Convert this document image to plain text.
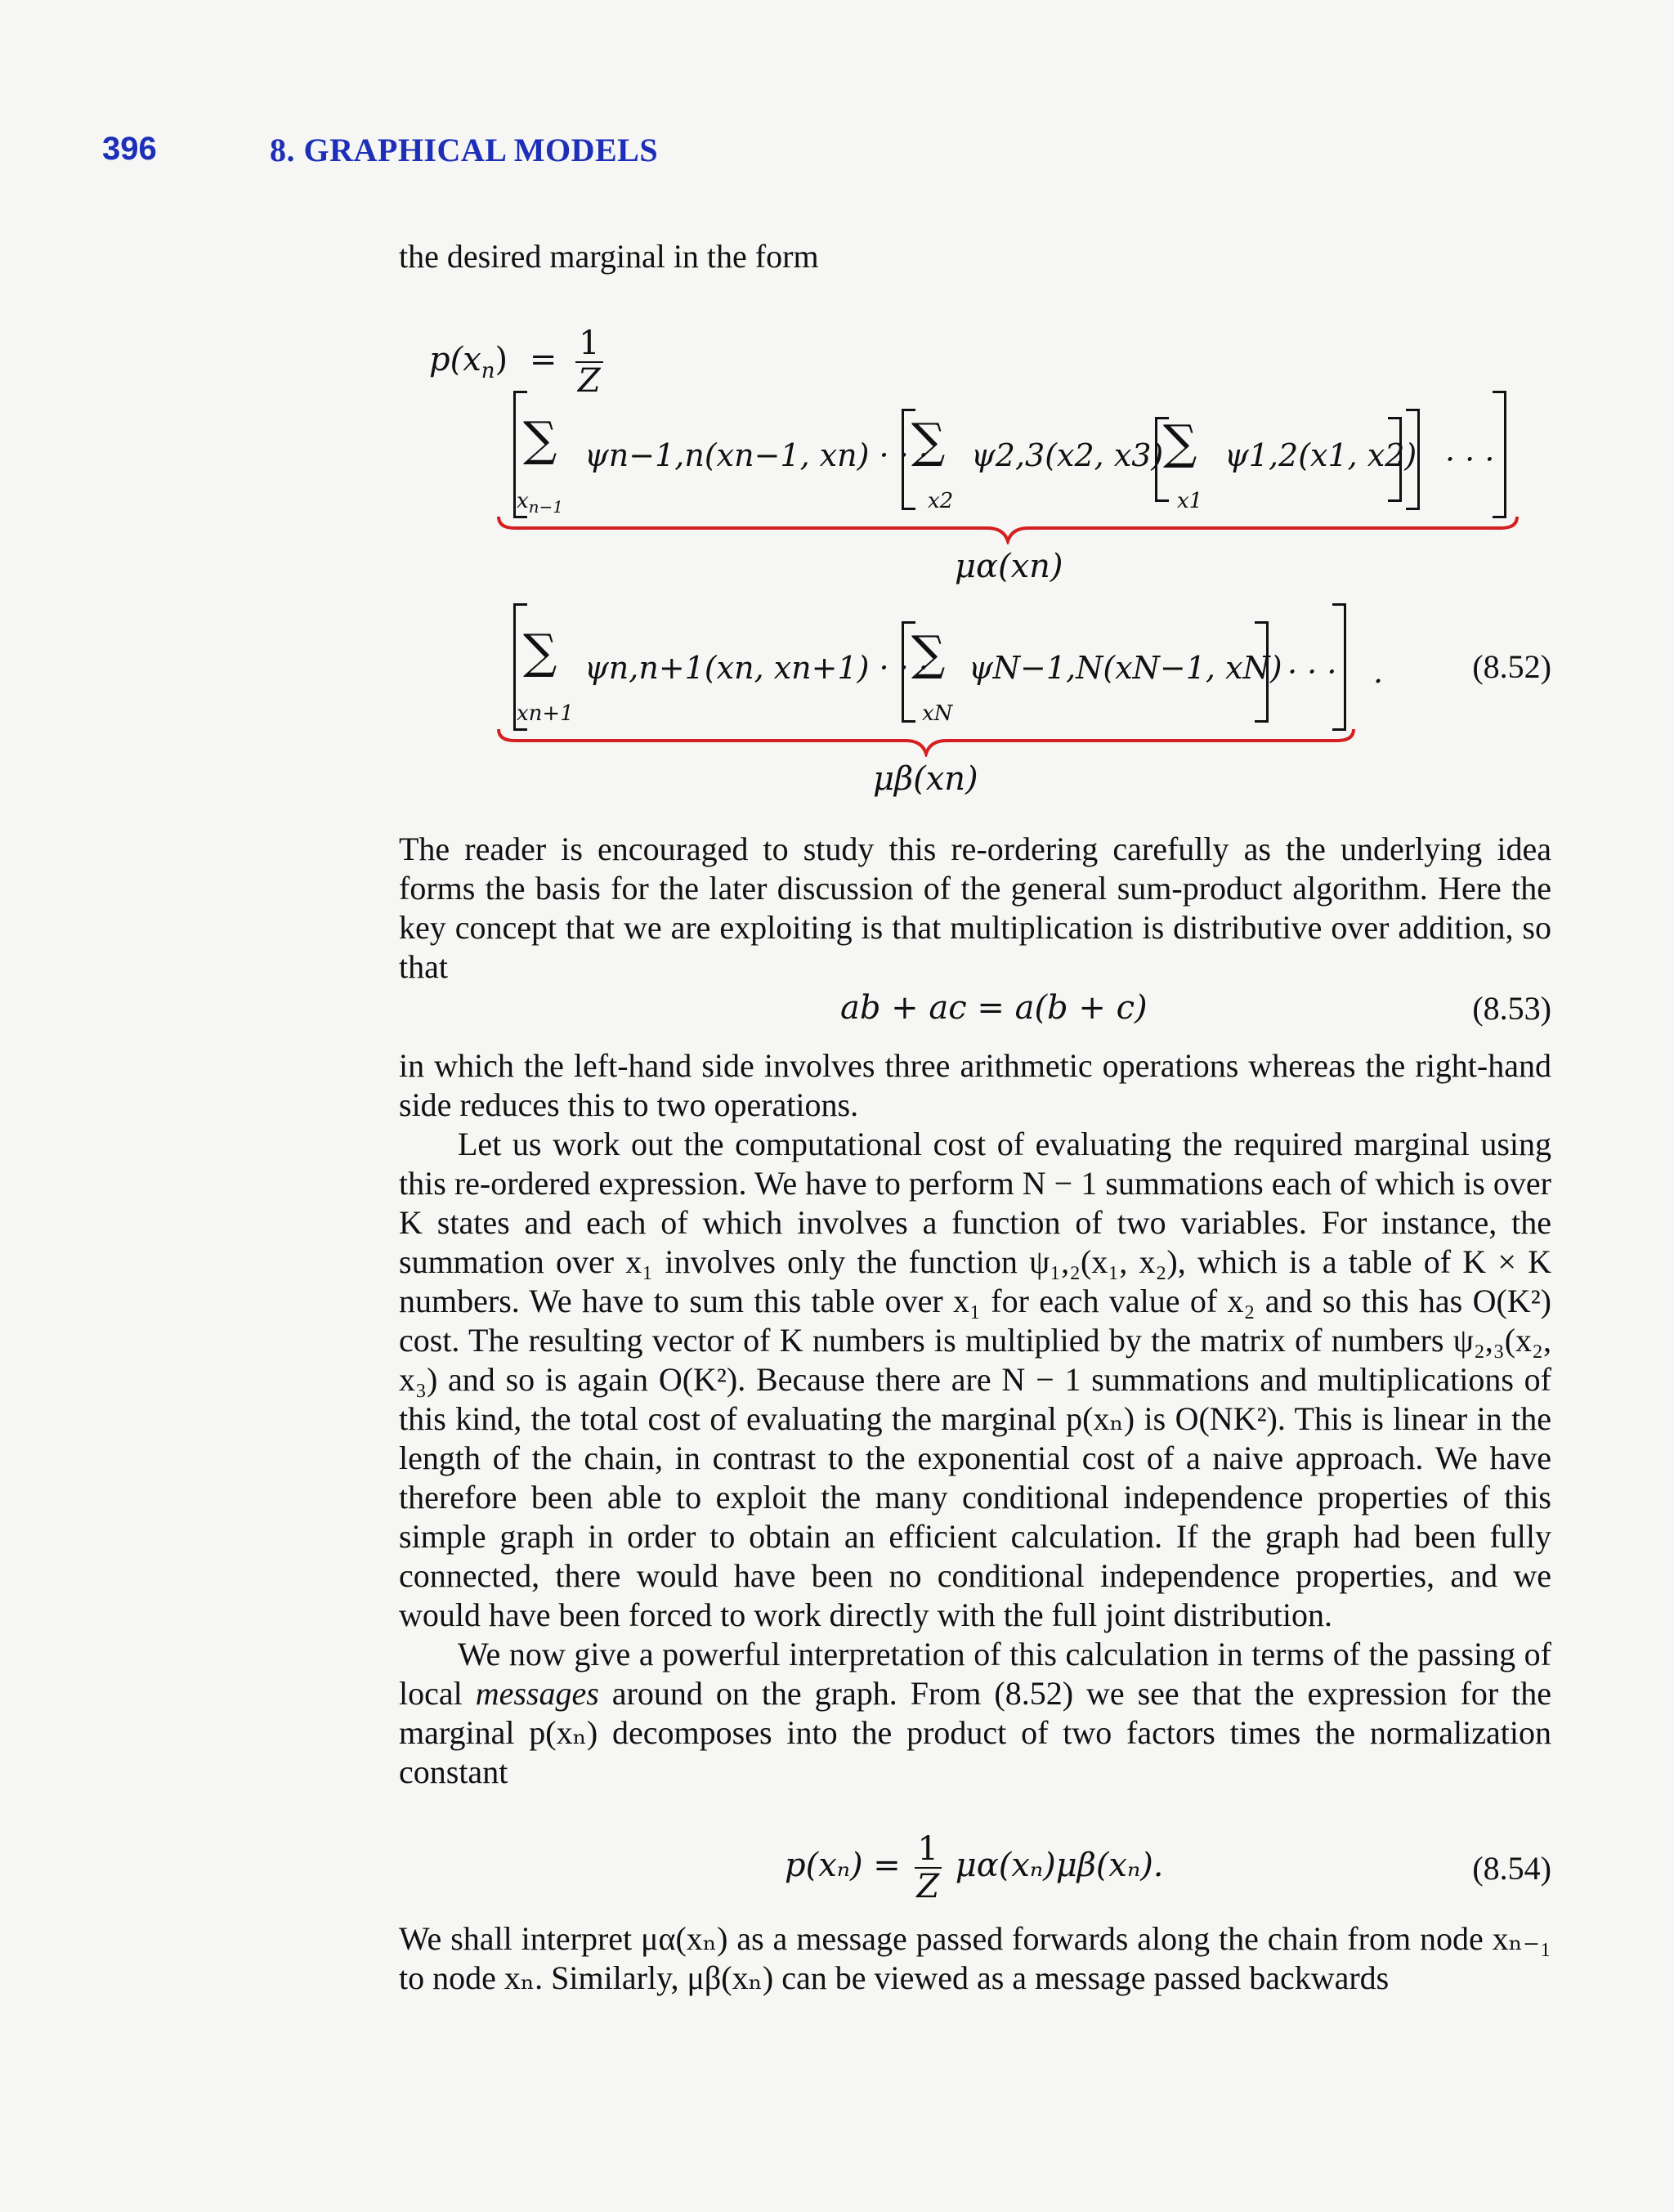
396	8. GRAPHICAL MODELS

the desired marginal in the form

$p(x_n) = \frac{1}{Z}$
∑
$x_{n-1}$
ψn−1,n(xn−1, xn) · · ·
∑
x2
ψ2,3(x2, x3) ∑
x1
ψ1,2(x1, x2) · · ·
μα(xn)
∑
xn+1
ψn,n+1(xn, xn+1) · · ·
∑
xN
ψN−1,N(xN−1, xN) · · · .
μβ(xn)
(8.52)

The reader is encouraged to study this re-ordering carefully as the underlying idea forms the basis for the later discussion of the general sum-product algorithm. Here the key concept that we are exploiting is that multiplication is distributive over addition, so that

ab + ac = a(b + c)	(8.53)

in which the left-hand side involves three arithmetic operations whereas the right-hand side reduces this to two operations.

Let us work out the computational cost of evaluating the required marginal using this re-ordered expression. We have to perform N − 1 summations each of which is over K states and each of which involves a function of two variables. For instance, the summation over x₁ involves only the function ψ₁,₂(x₁, x₂), which is a table of K × K numbers. We have to sum this table over x₁ for each value of x₂ and so this has O(K²) cost. The resulting vector of K numbers is multiplied by the matrix of numbers ψ₂,₃(x₂, x₃) and so is again O(K²). Because there are N − 1 summations and multiplications of this kind, the total cost of evaluating the marginal p(xₙ) is O(NK²). This is linear in the length of the chain, in contrast to the exponential cost of a naive approach. We have therefore been able to exploit the many conditional independence properties of this simple graph in order to obtain an efficient calculation. If the graph had been fully connected, there would have been no conditional independence properties, and we would have been forced to work directly with the full joint distribution.

We now give a powerful interpretation of this calculation in terms of the passing of local messages around on the graph. From (8.52) we see that the expression for the marginal p(xₙ) decomposes into the product of two factors times the normalization constant

$p(x_n) = \frac{1}{Z} \mu\alpha(x_n)\mu\beta(x_n)$.	(8.54)

We shall interpret μα(xₙ) as a message passed forwards along the chain from node xₙ₋₁ to node xₙ. Similarly, μβ(xₙ) can be viewed as a message passed backwards
